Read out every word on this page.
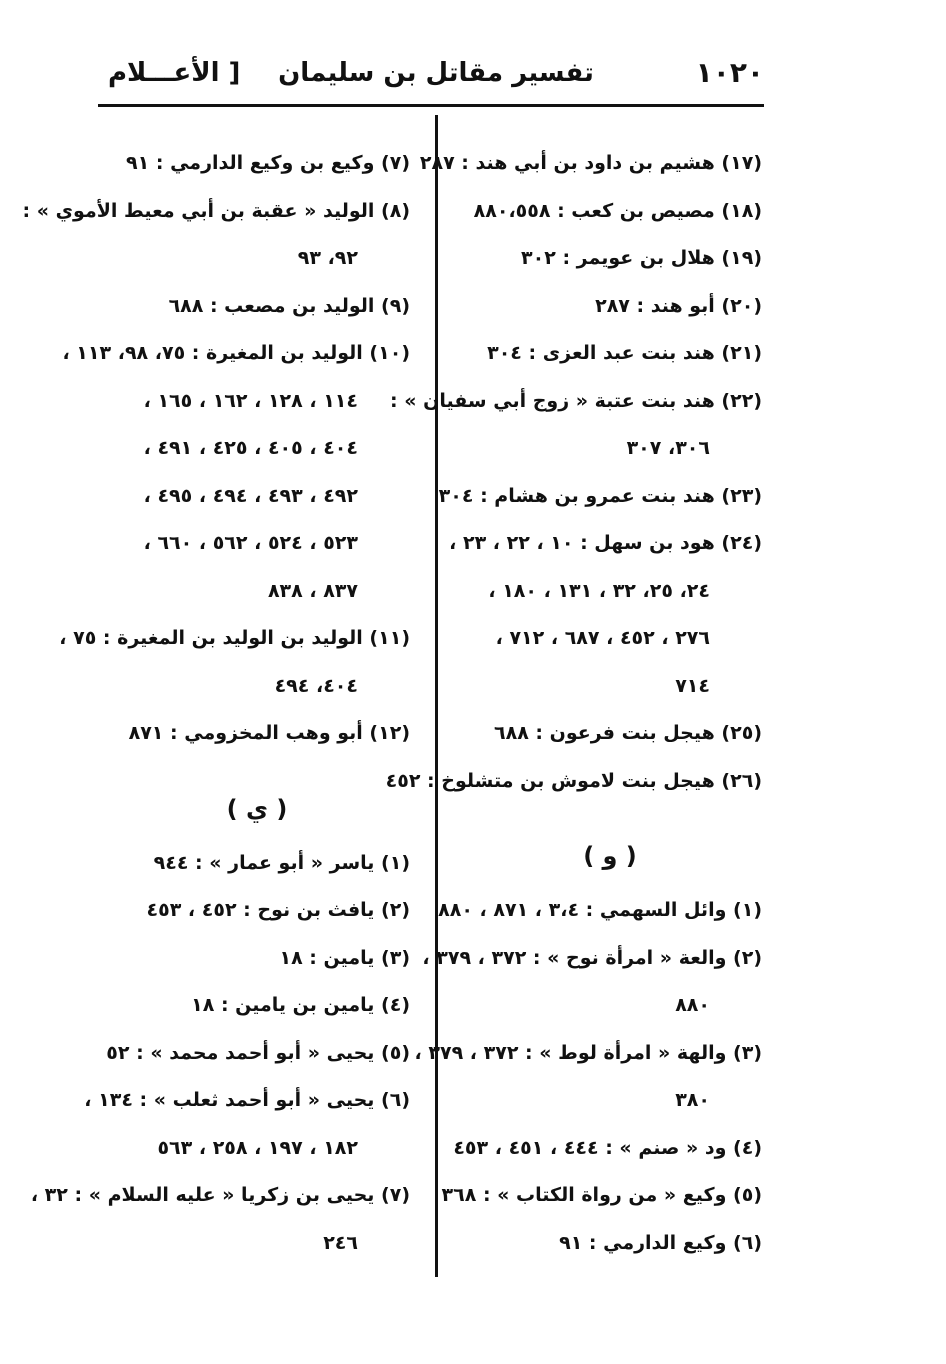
١٠٢٠
تفسير مقاتل بن سليمان
[ الأعـــلام
(١٧) هشيم بن داود بن أبي هند : ٢٨٧
(١٨) مصيص بن كعب : ٨٨٠،٥٥٨
(١٩) هلال بن عويمر : ٣٠٢
(٢٠) أبو هند : ٢٨٧
(٢١) هند بنت عبد العزى : ٣٠٤
(٢٢) هند بنت عتبة « زوج أبي سفيان » :
٣٠٦، ٣٠٧
(٢٣) هند بنت عمرو بن هشام : ٣٠٤
(٢٤) هود بن سهل : ١٠ ، ٢٢ ، ٢٣ ،
٢٤، ٢٥، ٣٢ ، ١٣١ ، ١٨٠ ،
٢٧٦ ، ٤٥٢ ، ٦٨٧ ، ٧١٢ ،
٧١٤
(٢٥) هيجل بنت فرعون : ٦٨٨
(٢٦) هيجل بنت لاموش بن متشلوخ : ٤٥٢
( و )
(١) وائل السهمي : ٣،٤ ، ٨٧١ ، ٨٨٠
(٢) والعة « امرأة نوح » : ٣٧٢ ، ٣٧٩ ،
٨٨٠
(٣) والهة « امرأة لوط » : ٣٧٢ ، ٣٧٩ ،
٣٨٠
(٤) ود « صنم » : ٤٤٤ ، ٤٥١ ، ٤٥٣
(٥) وكيع « من رواة الكتاب » : ٣٦٨
(٦) وكيع الدارمي : ٩١
(٧) وكيع بن وكيع الدارمي : ٩١
(٨) الوليد « عقبة بن أبي معيط الأموي » :
٩٢، ٩٣
(٩) الوليد بن مصعب : ٦٨٨
(١٠) الوليد بن المغيرة : ٧٥، ٩٨، ١١٣ ،
١١٤ ، ١٢٨ ، ١٦٢ ، ١٦٥ ،
٤٠٤ ، ٤٠٥ ، ٤٢٥ ، ٤٩١ ،
٤٩٢ ، ٤٩٣ ، ٤٩٤ ، ٤٩٥ ،
٥٢٣ ، ٥٢٤ ، ٥٦٢ ، ٦٦٠ ،
٨٣٧ ، ٨٣٨
(١١) الوليد بن الوليد بن المغيرة : ٧٥ ،
٤٠٤، ٤٩٤
(١٢) أبو وهب المخزومي : ٨٧١
( ي )
(١) ياسر « أبو عمار » : ٩٤٤
(٢) يافث بن نوح : ٤٥٢ ، ٤٥٣
(٣) يامين : ١٨
(٤) يامين بن يامين : ١٨
(٥) يحيى « أبو أحمد محمد » : ٥٢
(٦) يحيى « أبو أحمد ثعلب » : ١٣٤ ،
١٨٢ ، ١٩٧ ، ٢٥٨ ، ٥٦٣
(٧) يحيى بن زكريا « عليه السلام » : ٣٢ ،
٢٤٦
